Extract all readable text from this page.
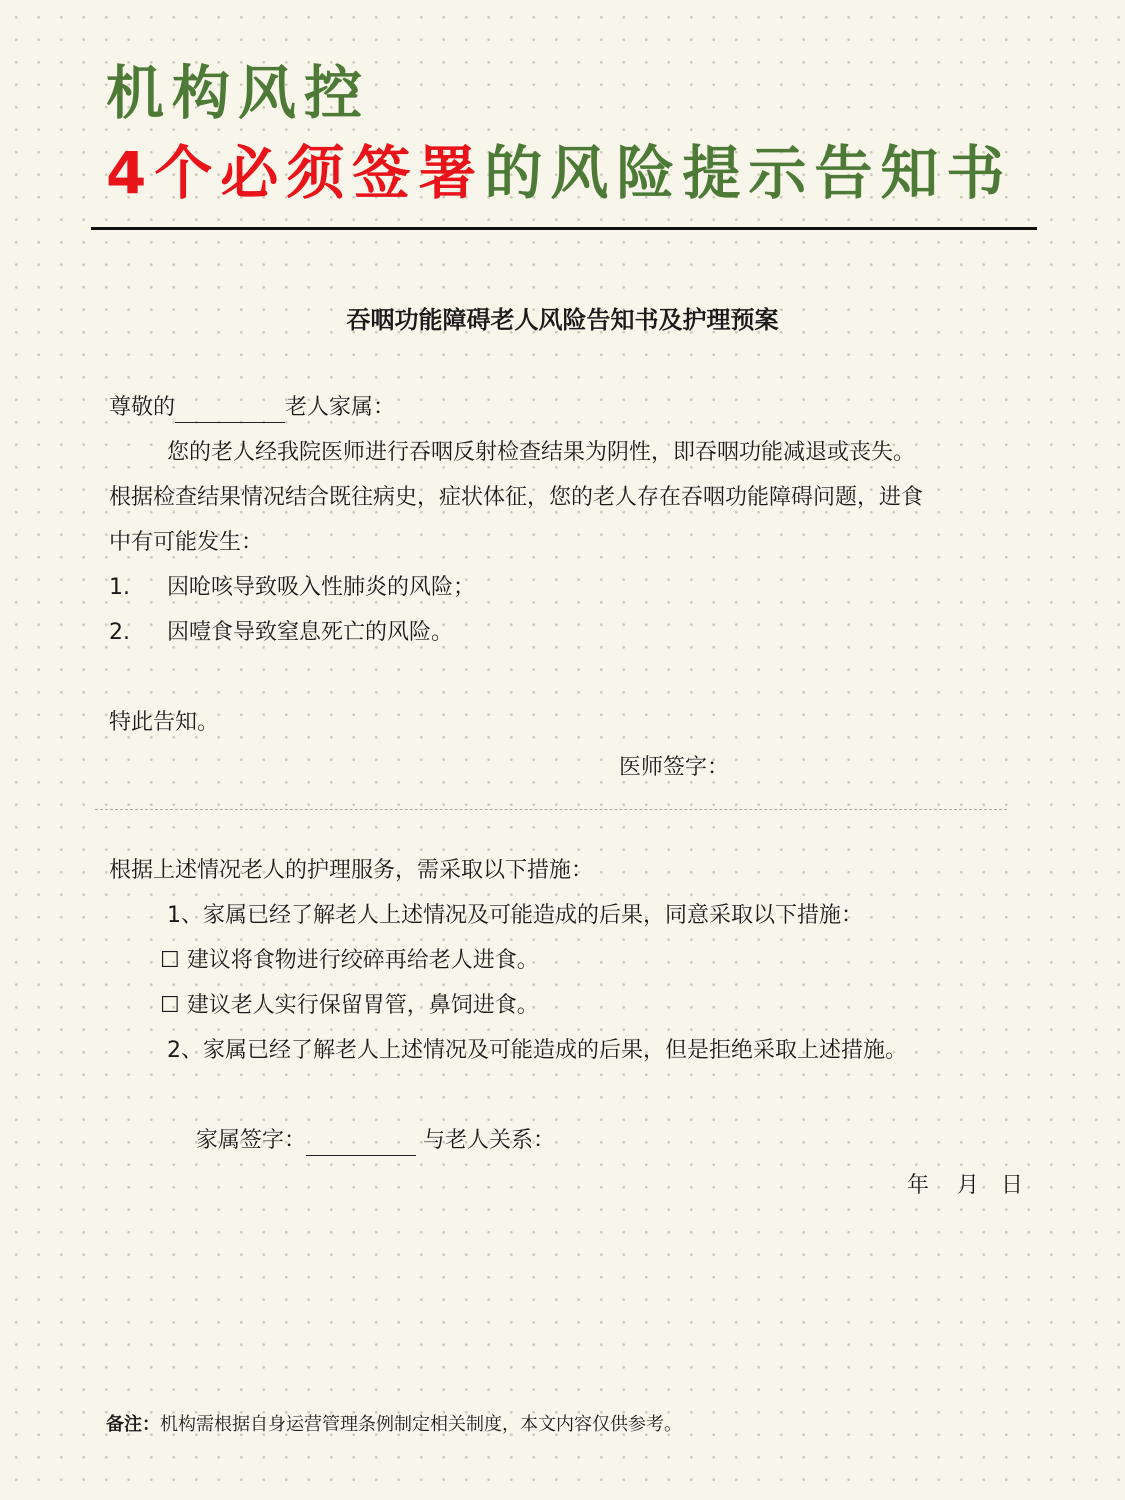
机构风控
4个必须签署的风险提示告知书
吞咽功能障碍老人风险告知书及护理预案
尊敬的	老人家属：
您的老人经我院医师进行吞咽反射检查结果为阴性，即吞咽功能减退或丧失。
根据检查结果情况结合既往病史，症状体征，您的老人存在吞咽功能障碍问题，进食
中有可能发生：
1. 因呛咳导致吸入性肺炎的风险；
2. 因噎食导致窒息死亡的风险。
特此告知。
医师签字：
根据上述情况老人的护理服务，需采取以下措施：
1、家属已经了解老人上述情况及可能造成的后果，同意采取以下措施：
☐ 建议将食物进行绞碎再给老人进食。
☐ 建议老人实行保留胃管，鼻饲进食。
2、家属已经了解老人上述情况及可能造成的后果，但是拒绝采取上述措施。
家属签字：	与老人关系：
年 月 日
备注：机构需根据自身运营管理条例制定相关制度，本文内容仅供参考。
